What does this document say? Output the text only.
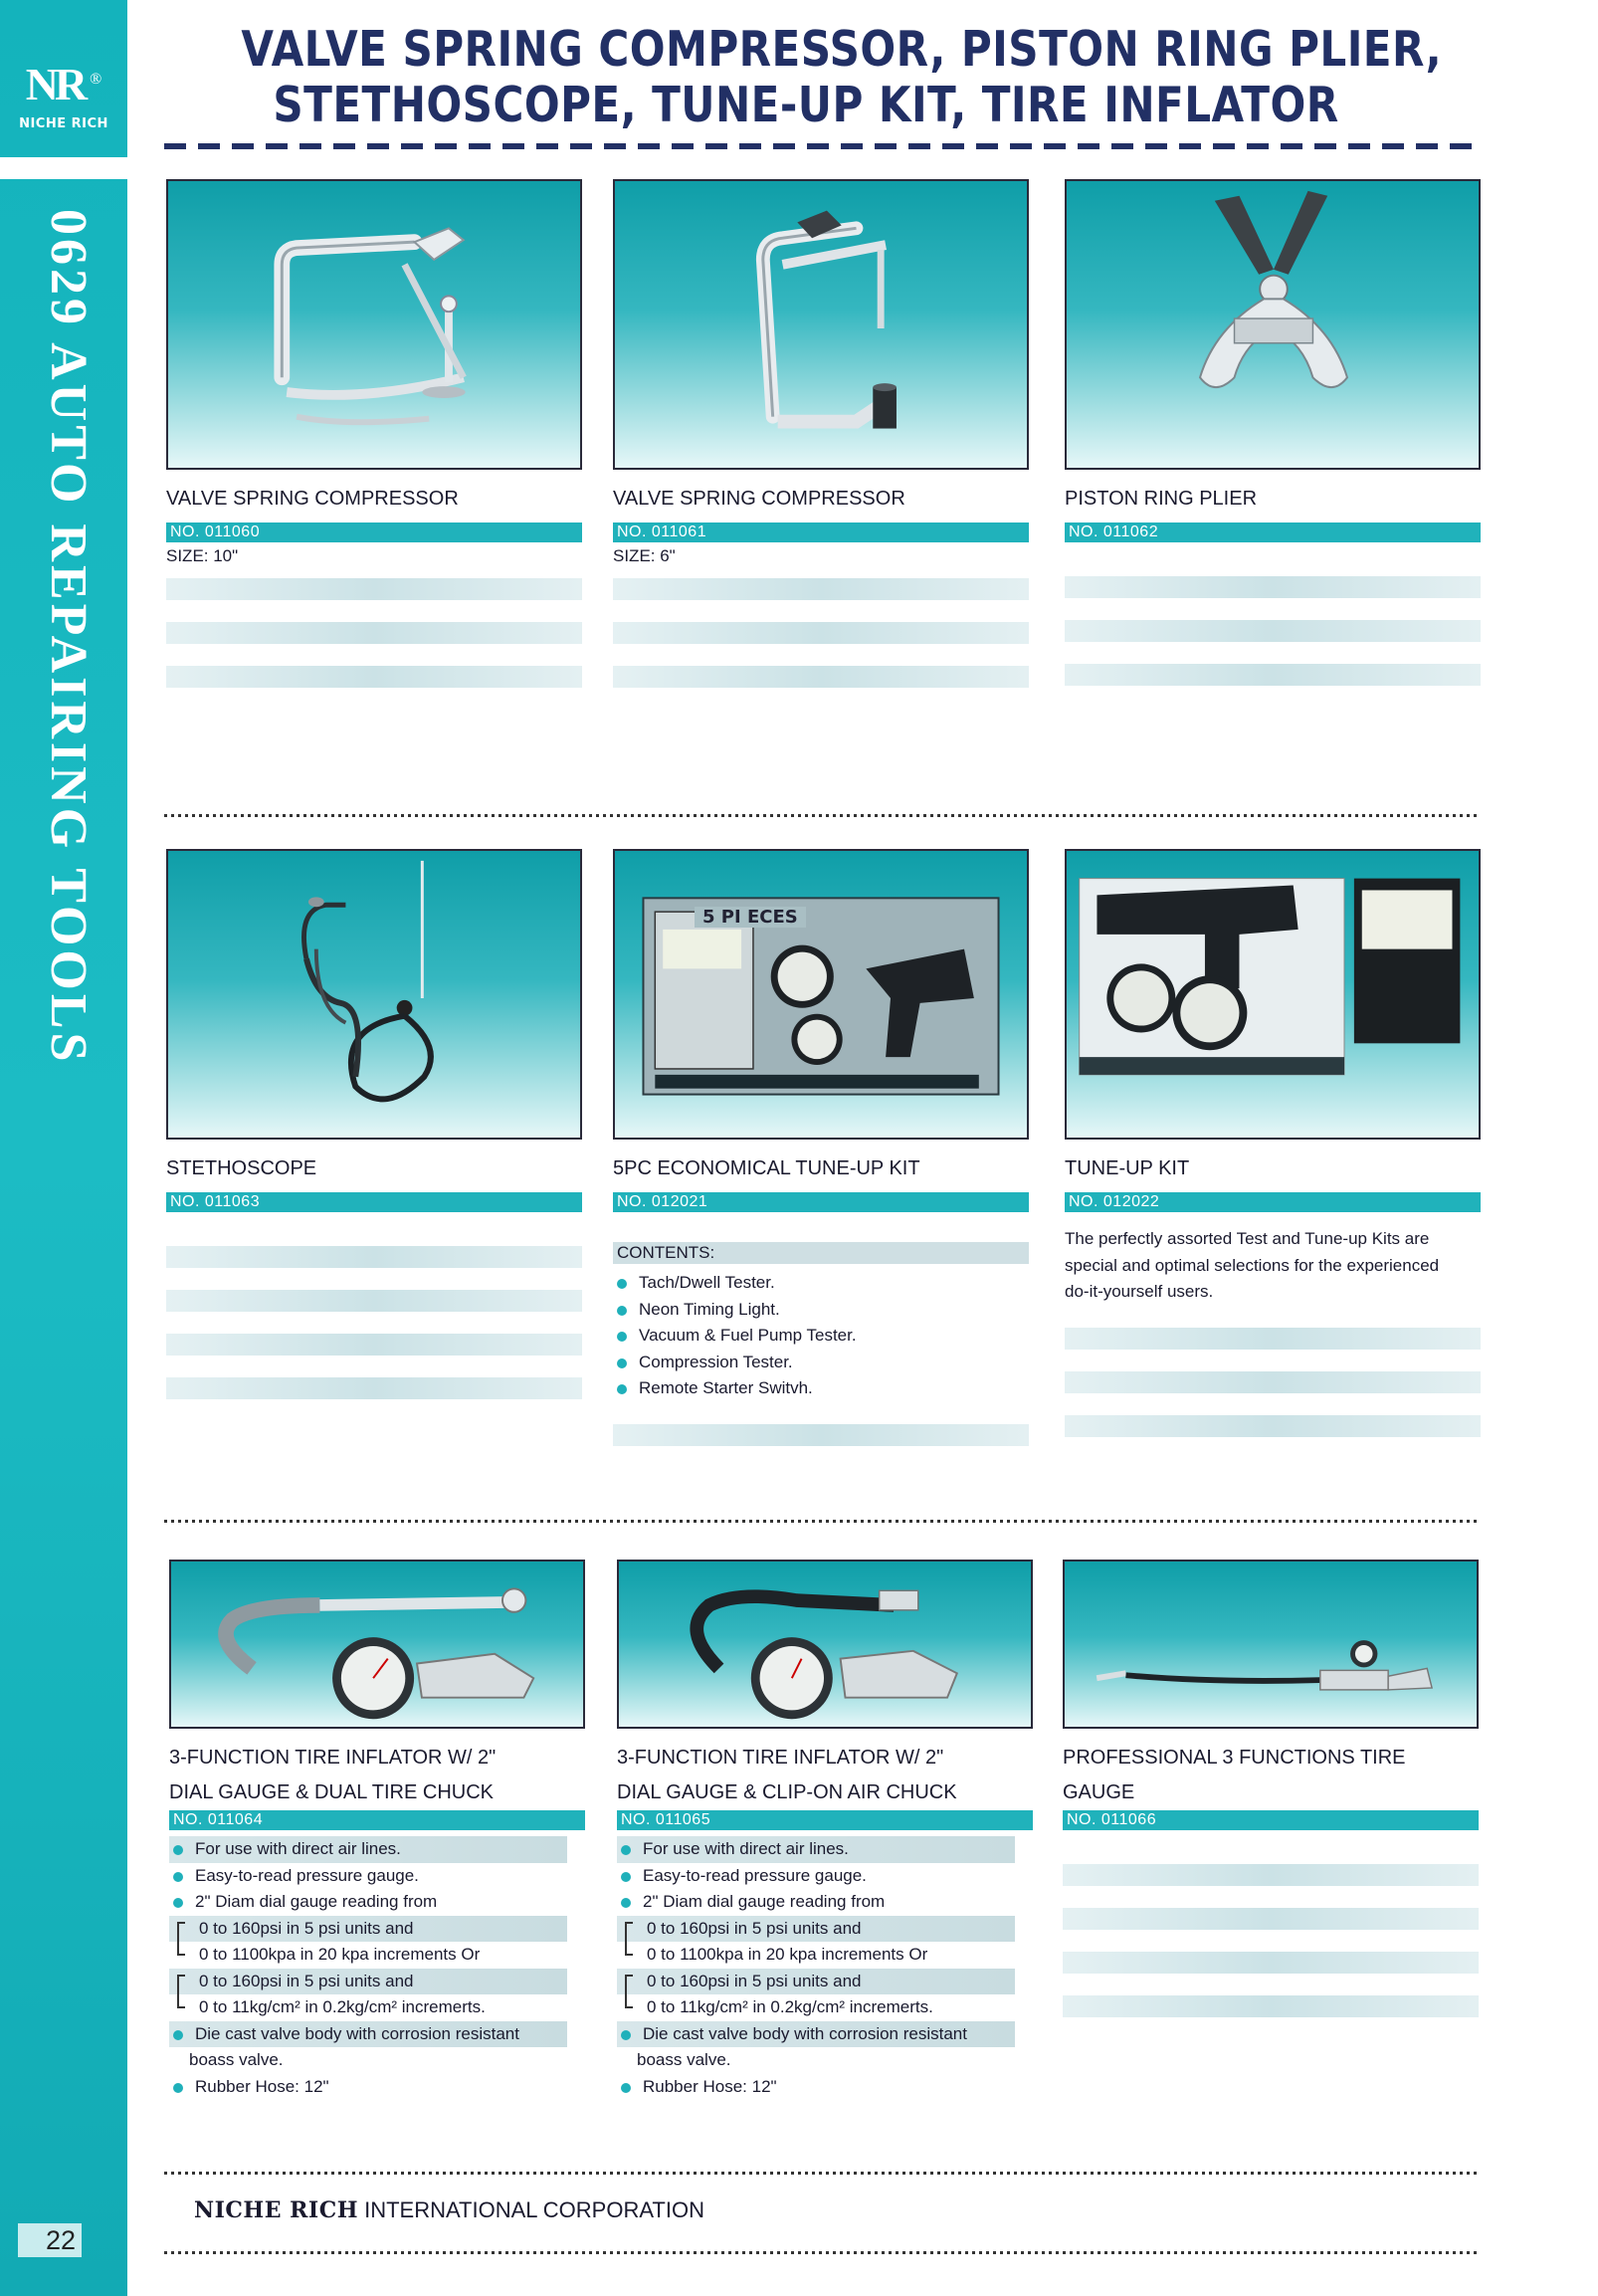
NR ®
NICHE RICH
0629 AUTO REPAIRING TOOLS
22
VALVE SPRING COMPRESSOR, PISTON RING PLIER,
STETHOSCOPE, TUNE-UP KIT, TIRE INFLATOR
VALVE SPRING COMPRESSOR
NO. 011060
SIZE: 10"
VALVE SPRING COMPRESSOR
NO. 011061
SIZE: 6"
PISTON RING PLIER
NO. 011062
STETHOSCOPE
NO. 011063
5 PI ECES
5PC ECONOMICAL TUNE-UP KIT
NO. 012021
CONTENTS:
Tach/Dwell Tester.
Neon Timing Light.
Vacuum & Fuel Pump Tester.
Compression Tester.
Remote Starter Switvh.
TUNE-UP KIT
NO. 012022
The perfectly assorted Test and Tune-up Kits are
special and optimal selections for the experienced
do-it-yourself users.
3-FUNCTION TIRE INFLATOR W/ 2"
DIAL GAUGE & DUAL TIRE CHUCK
NO. 011064
For use with direct air lines.
Easy-to-read pressure gauge.
2" Diam dial gauge reading from
0 to 160psi in 5 psi units and
0 to 1100kpa in 20 kpa increments Or
0 to 160psi in 5 psi units and
0 to 11kg/cm² in 0.2kg/cm² incremerts.
Die cast valve body with corrosion resistant
boass valve.
Rubber Hose: 12"
3-FUNCTION TIRE INFLATOR W/ 2"
DIAL GAUGE & CLIP-ON AIR CHUCK
NO. 011065
For use with direct air lines.
Easy-to-read pressure gauge.
2" Diam dial gauge reading from
0 to 160psi in 5 psi units and
0 to 1100kpa in 20 kpa increments Or
0 to 160psi in 5 psi units and
0 to 11kg/cm² in 0.2kg/cm² incremerts.
Die cast valve body with corrosion resistant
boass valve.
Rubber Hose: 12"
PROFESSIONAL 3 FUNCTIONS TIRE
GAUGE
NO. 011066
NICHE RICH INTERNATIONAL CORPORATION
